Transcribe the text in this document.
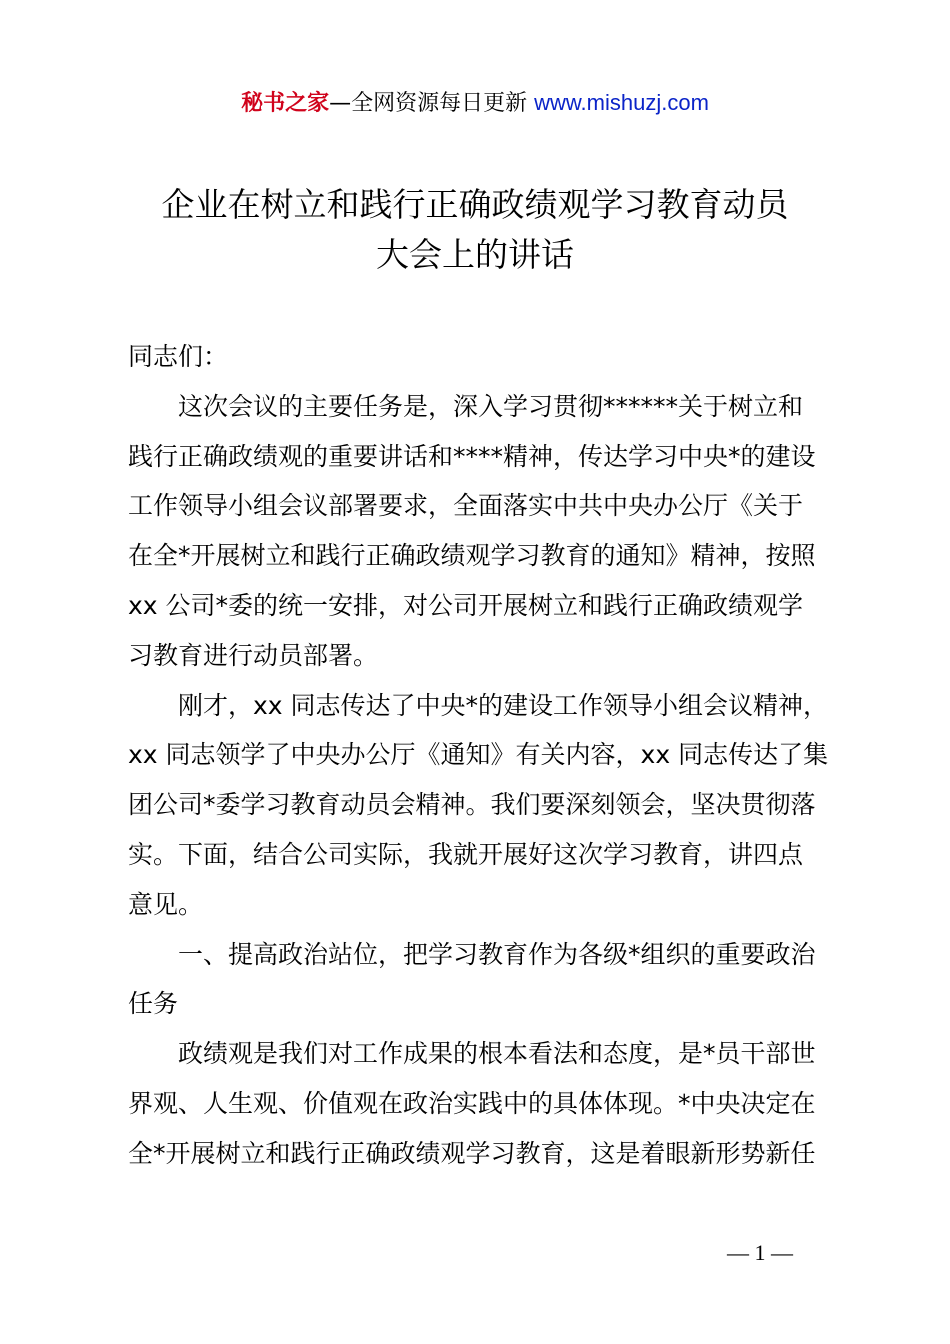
秘书之家—全网资源每日更新 www.mishuzj.com
企业在树立和践行正确政绩观学习教育动员
大会上的讲话
同志们：
这次会议的主要任务是，深入学习贯彻******关于树立和
践行正确政绩观的重要讲话和****精神，传达学习中央*的建设
工作领导小组会议部署要求，全面落实中共中央办公厅《关于
在全*开展树立和践行正确政绩观学习教育的通知》精神，按照
xx 公司*委的统一安排，对公司开展树立和践行正确政绩观学
习教育进行动员部署。
刚才，xx 同志传达了中央*的建设工作领导小组会议精神，
xx 同志领学了中央办公厅《通知》有关内容，xx 同志传达了集
团公司*委学习教育动员会精神。我们要深刻领会，坚决贯彻落
实。下面，结合公司实际，我就开展好这次学习教育，讲四点
意见。
一、提高政治站位，把学习教育作为各级*组织的重要政治
任务
政绩观是我们对工作成果的根本看法和态度，是*员干部世
界观、人生观、价值观在政治实践中的具体体现。*中央决定在
全*开展树立和践行正确政绩观学习教育，这是着眼新形势新任
— 1 —
